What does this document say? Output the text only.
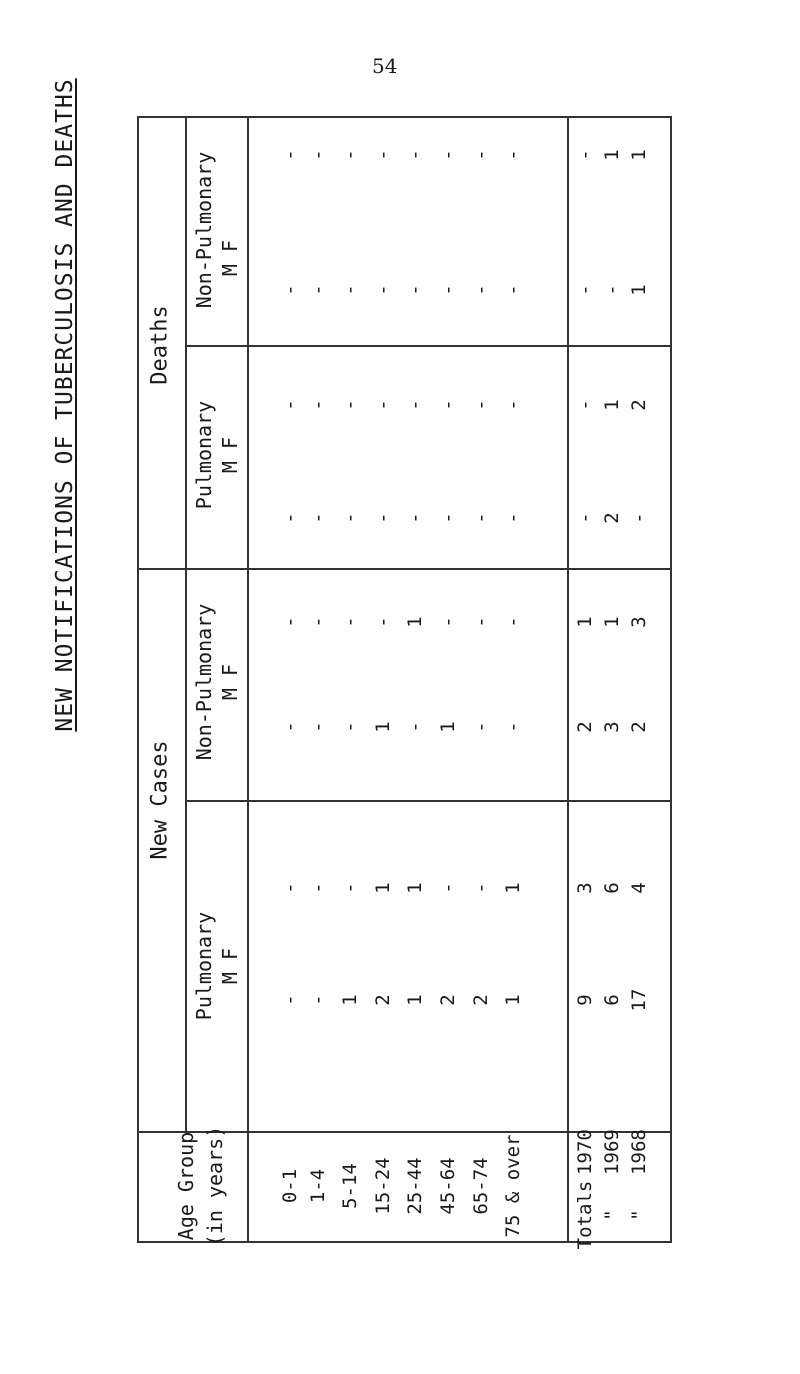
54
NEW NOTIFICATIONS OF TUBERCULOSIS AND DEATHS	Deaths
New Cases
Non-Pulmonary M F
Pulmonary M F
Non-Pulmonary M F
Pulmonary M F
Age Group (in years)	0-1
-
-
-
-
-
-
-
-
1-4
-
-
-
-
-
-
-
-
5-14
-
-
-
-
-
-
-
1
15-24
-
-
-
-
-
1
1
2
25-44
-
-
-
-
1
-
1
1
45-64
-
-
-
-
-
1
-
2
65-74
-
-
-
-
-
-
-
2
75 & over
-
-
-
-
-
-
1
1
Totals
1970
-
-
-
-
1
2
3
9
"
1969
1
-
1
2
1
3
6
6
"
1968
1
1
2
-
3
2
4
17
